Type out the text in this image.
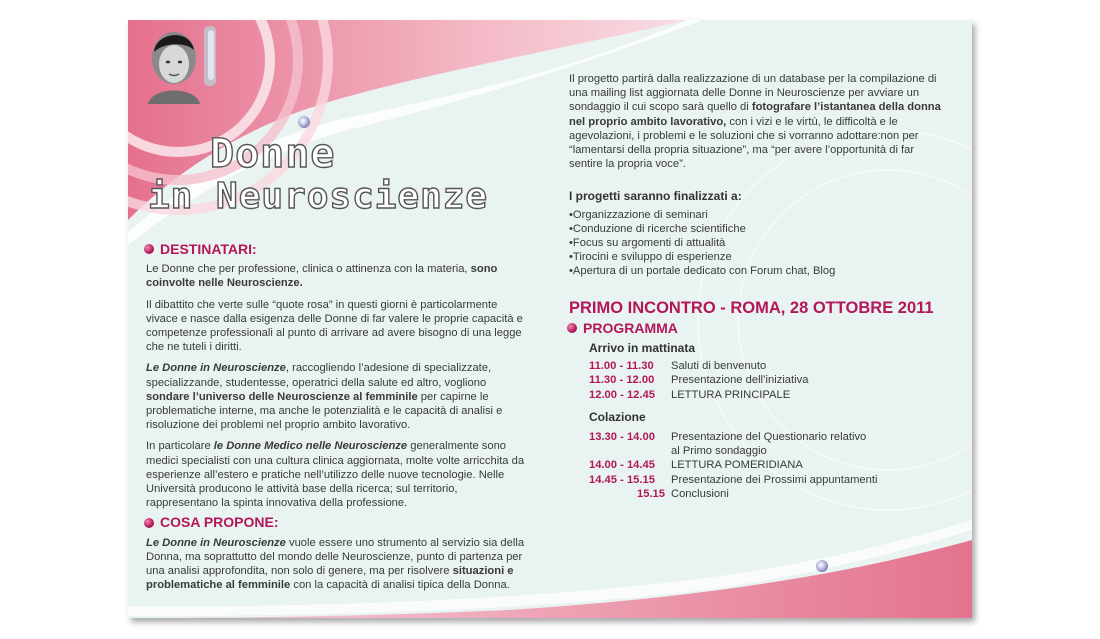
Donne
in Neuroscienze
DESTINATARI:

Le Donne che per professione, clinica o attinenza con la materia, sono coinvolte nelle Neuroscienze.

Il dibattito che verte sulle “quote rosa” in questi giorni è particolarmente vivace e nasce dalla esigenza delle Donne di far valere le proprie capacità e competenze professionali al punto di arrivare ad avere bisogno di una legge che ne tuteli i diritti.

Le Donne in Neuroscienze, raccogliendo l’adesione di specializzate, specializzande, studentesse, operatrici della salute ed altro, vogliono sondare l’universo delle Neuroscienze al femminile per capirne le problematiche interne, ma anche le potenzialità e le capacità di analisi e risoluzione dei problemi nel proprio ambito lavorativo.

In particolare le Donne Medico nelle Neuroscienze generalmente sono medici specialisti con una cultura clinica aggiornata, molte volte arricchita da esperienze all’estero e pratiche nell’utilizzo delle nuove tecnologie. Nelle Università producono le attività base della ricerca; sul territorio, rappresentano la spinta innovativa della professione.

COSA PROPONE:

Le Donne in Neuroscienze vuole essere uno strumento al servizio sia della Donna, ma soprattutto del mondo delle Neuroscienze, punto di partenza per una analisi approfondita, non solo di genere, ma per risolvere situazioni e problematiche al femminile con la capacità di analisi tipica della Donna.

Il progetto partirà dalla realizzazione di un database per la compilazione di una mailing list aggiornata delle Donne in Neuroscienze per avviare un sondaggio il cui scopo sarà quello di fotografare l’istantanea della donna nel proprio ambito lavorativo, con i vizi e le virtù, le difficoltà e le agevolazioni, i problemi e le soluzioni che si vorranno adottare:non per “lamentarsi della propria situazione”, ma “per avere l’opportunità di far sentire la propria voce”.

I progetti saranno finalizzati a:
•Organizzazione di seminari
•Conduzione di ricerche scientifiche
•Focus su argomenti di attualità
•Tirocini e sviluppo di esperienze
•Apertura di un portale dedicato con Forum chat, Blog
PRIMO INCONTRO - ROMA, 28 OTTOBRE 2011
PROGRAMMA
Arrivo in mattinata
11.00 - 11.30	Saluti di benvenuto
11.30 - 12.00	Presentazione dell’iniziativa
12.00 - 12.45	LETTURA PRINCIPALE
Colazione
13.30 - 14.00	Presentazione del Questionario relativo
al Primo sondaggio
14.00 - 14.45	LETTURA POMERIDIANA
14.45 - 15.15	Presentazione dei Prossimi appuntamenti
15.15 Conclusioni
